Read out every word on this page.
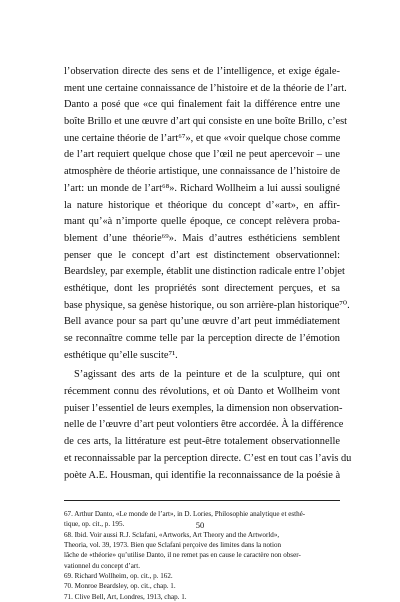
l’observation directe des sens et de l’intelligence, et exige égale-
ment une certaine connaissance de l’histoire et de la théorie de l’art.
Danto a posé que «ce qui finalement fait la différence entre une
boîte Brillo et une œuvre d’art qui consiste en une boîte Brillo, c’est
une certaine théorie de l’art⁶⁷», et que «voir quelque chose comme
de l’art requiert quelque chose que l’œil ne peut apercevoir – une
atmosphère de théorie artistique, une connaissance de l’histoire de
l’art: un monde de l’art⁶⁸». Richard Wollheim a lui aussi souligné
la nature historique et théorique du concept d’«art», en affir-
mant qu’«à n’importe quelle époque, ce concept relèvera proba-
blement d’une théorie⁶⁹». Mais d’autres esthéticiens semblent
penser que le concept d’art est distinctement observationnel:
Beardsley, par exemple, établit une distinction radicale entre l’objet
esthétique, dont les propriétés sont directement perçues, et sa
base physique, sa genèse historique, ou son arrière-plan historique⁷⁰.
Bell avance pour sa part qu’une œuvre d’art peut immédiatement
se reconnaître comme telle par la perception directe de l’émotion
esthétique qu’elle suscite⁷¹.
S’agissant des arts de la peinture et de la sculpture, qui ont
récemment connu des révolutions, et où Danto et Wollheim vont
puiser l’essentiel de leurs exemples, la dimension non observation-
nelle de l’œuvre d’art peut volontiers être accordée. À la différence
de ces arts, la littérature est peut-être totalement observationnelle
et reconnaissable par la perception directe. C’est en tout cas l’avis du
poète A.E. Housman, qui identifie la reconnaissance de la poésie à
67. Arthur Danto, «Le monde de l’art», in D. Lories, Philosophie analytique et esthé-
tique, op. cit., p. 195.
68. Ibid. Voir aussi R.J. Sclafani, «Artworks, Art Theory and the Artworld»,
Theoria, vol. 39, 1973. Bien que Sclafani perçoive des limites dans la notion
lâche de «théorie» qu’utilise Danto, il ne remet pas en cause le caractère non obser-
vationnel du concept d’art.
69. Richard Wollheim, op. cit., p. 162.
70. Monroe Beardsley, op. cit., chap. 1.
71. Clive Bell, Art, Londres, 1913, chap. 1.
50
